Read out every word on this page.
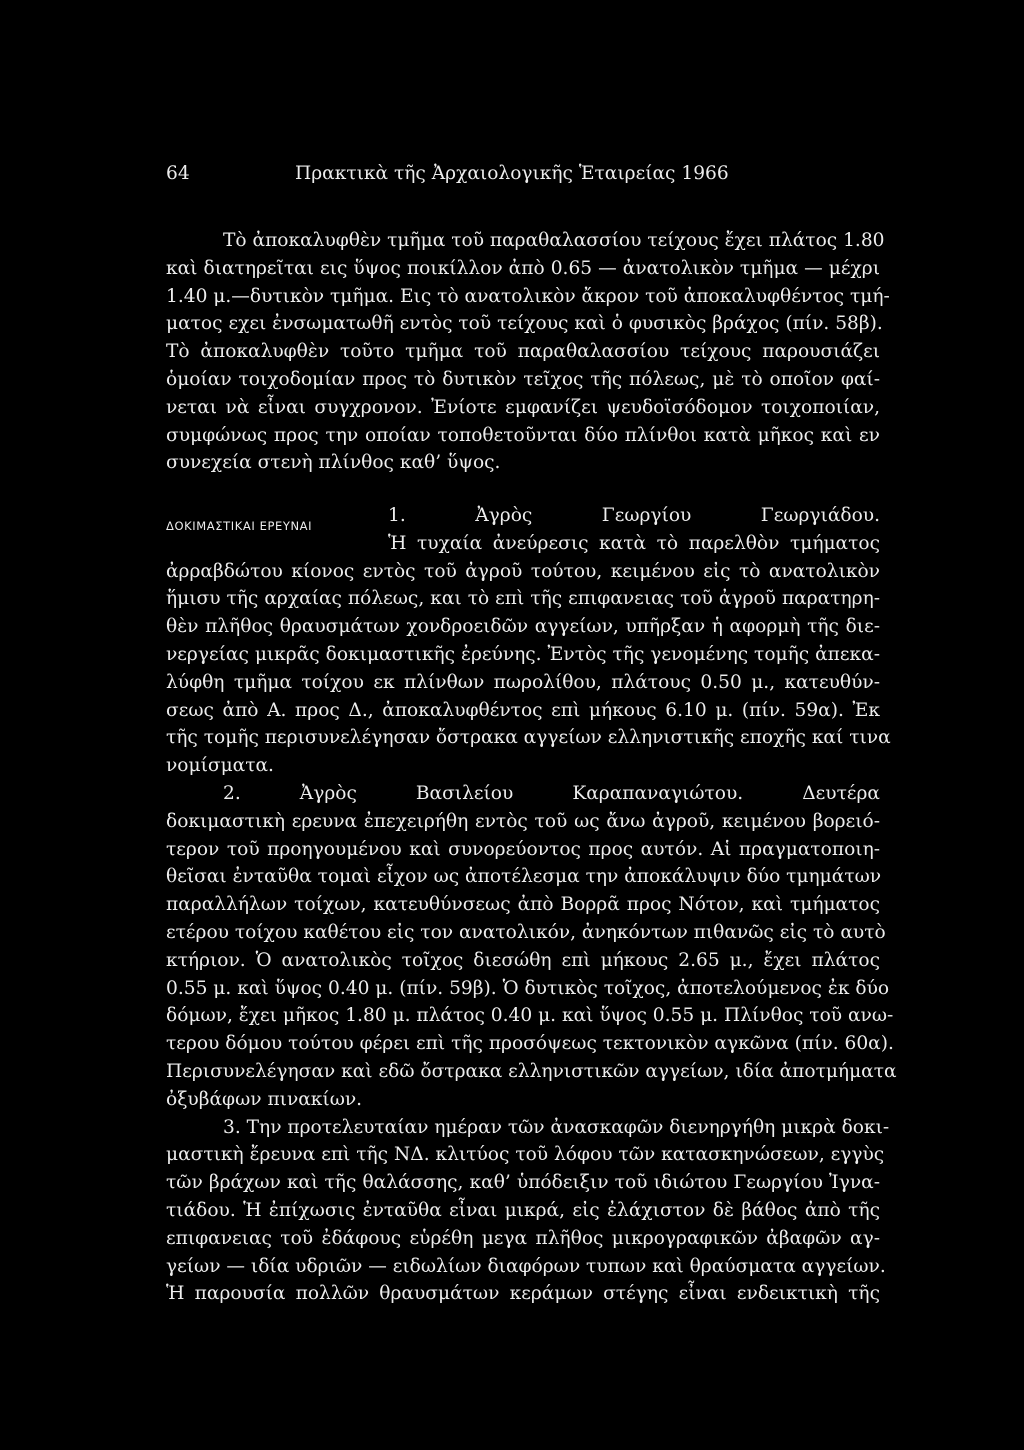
64	Πρακτικὰ τῆς Ἀρχαιολογικῆς Ἑταιρείας 1966
Τὸ ἀποκαλυφθὲν τμῆμα τοῦ παραθαλασσίου τείχους ἔχει πλάτος 1.80
καὶ διατηρεῖται εις ὕψος ποικίλλον ἀπὸ 0.65 — ἀνατολικὸν τμῆμα — μέχρι
1.40 μ.—δυτικὸν τμῆμα. Εις τὸ ανατολικὸν ἄκρον τοῦ ἀποκαλυφθέντος τμή-
ματος εχει ἐνσωματωθῆ εντὸς τοῦ τείχους καὶ ὁ φυσικὸς βράχος (πίν. 58β).
Τὸ ἀποκαλυφθὲν τοῦτο τμῆμα τοῦ παραθαλασσίου τείχους παρουσιάζει
ὁμοίαν τοιχοδομίαν προς τὸ δυτικὸν τεῖχος τῆς πόλεως, μὲ τὸ οποῖον φαί-
νεται νὰ εἶναι συγχρονον. Ἐνίοτε εμφανίζει ψευδοϊσόδομον τοιχοποιίαν,
συμφώνως προς την οποίαν τοποθετοῦνται δύο πλίνθοι κατὰ μῆκος καὶ εν
συνεχεία στενὴ πλίνθος καθ’ ὕψος.
ΔΟΚΙΜΑΣΤΙΚΑΙ ΕΡΕΥΝΑΙ	1. Ἀγρὸς Γεωργίου Γεωργιάδου.
Ἡ τυχαία ἀνεύρεσις κατὰ τὸ παρελθὸν τμήματος
ἀρραβδώτου κίονος εντὸς τοῦ ἀγροῦ τούτου, κειμένου εἰς τὸ ανατολικὸν
ἥμισυ τῆς αρχαίας πόλεως, και τὸ επὶ τῆς επιφανειας τοῦ ἀγροῦ παρατηρη-
θὲν πλῆθος θραυσμάτων χονδροειδῶν αγγείων, υπῆρξαν ἡ αφορμὴ τῆς διε-
νεργείας μικρᾶς δοκιμαστικῆς ἐρεύνης. Ἐντὸς τῆς γενομένης τομῆς ἀπεκα-
λύφθη τμῆμα τοίχου εκ πλίνθων πωρολίθου, πλάτους 0.50 μ., κατευθύν-
σεως ἀπὸ Α. προς Δ., ἀποκαλυφθέντος επὶ μήκους 6.10 μ. (πίν. 59α). Ἐκ
τῆς τομῆς περισυνελέγησαν ὄστρακα αγγείων ελληνιστικῆς εποχῆς καί τινα
νομίσματα.
2. Ἀγρὸς Βασιλείου Καραπαναγιώτου. Δευτέρα
δοκιμαστικὴ ερευνα ἐπεχειρήθη εντὸς τοῦ ως ἄνω ἀγροῦ, κειμένου βορειό-
τερον τοῦ προηγουμένου καὶ συνορεύοντος προς αυτόν. Αἱ πραγματοποιη-
θεῖσαι ἐνταῦθα τομαὶ εἶχον ως ἀποτέλεσμα την ἀποκάλυψιν δύο τμημάτων
παραλλήλων τοίχων, κατευθύνσεως ἀπὸ Βορρᾶ προς Νότον, καὶ τμήματος
ετέρου τοίχου καθέτου εἰς τον ανατολικόν, ἀνηκόντων πιθανῶς εἰς τὸ αυτὸ
κτήριον. Ὁ ανατολικὸς τοῖχος διεσώθη επὶ μήκους 2.65 μ., ἔχει πλάτος
0.55 μ. καὶ ὕψος 0.40 μ. (πίν. 59β). Ὁ δυτικὸς τοῖχος, ἀποτελούμενος ἐκ δύο
δόμων, ἔχει μῆκος 1.80 μ. πλάτος 0.40 μ. καὶ ὕψος 0.55 μ. Πλίνθος τοῦ ανω-
τερου δόμου τούτου φέρει επὶ τῆς προσόψεως τεκτονικὸν αγκῶνα (πίν. 60α).
Περισυνελέγησαν καὶ εδῶ ὄστρακα ελληνιστικῶν αγγείων, ιδία ἀποτμήματα
ὀξυβάφων πινακίων.
3. Την προτελευταίαν ημέραν τῶν ἀνασκαφῶν διενηργήθη μικρὰ δοκι-
μαστικὴ ἔρευνα επὶ τῆς ΝΔ. κλιτύος τοῦ λόφου τῶν κατασκηνώσεων, εγγὺς
τῶν βράχων καὶ τῆς θαλάσσης, καθ’ ὑπόδειξιν τοῦ ιδιώτου Γεωργίου Ἰγνα-
τιάδου. Ἡ ἐπίχωσις ἐνταῦθα εἶναι μικρά, εἰς ἐλάχιστον δὲ βάθος ἀπὸ τῆς
επιφανειας τοῦ ἐδάφους εὑρέθη μεγα πλῆθος μικρογραφικῶν ἀβαφῶν αγ-
γείων — ιδία υδριῶν — ειδωλίων διαφόρων τυπων καὶ θραύσματα αγγείων.
Ἡ παρουσία πολλῶν θραυσμάτων κεράμων στέγης εἶναι ενδεικτικὴ τῆς
